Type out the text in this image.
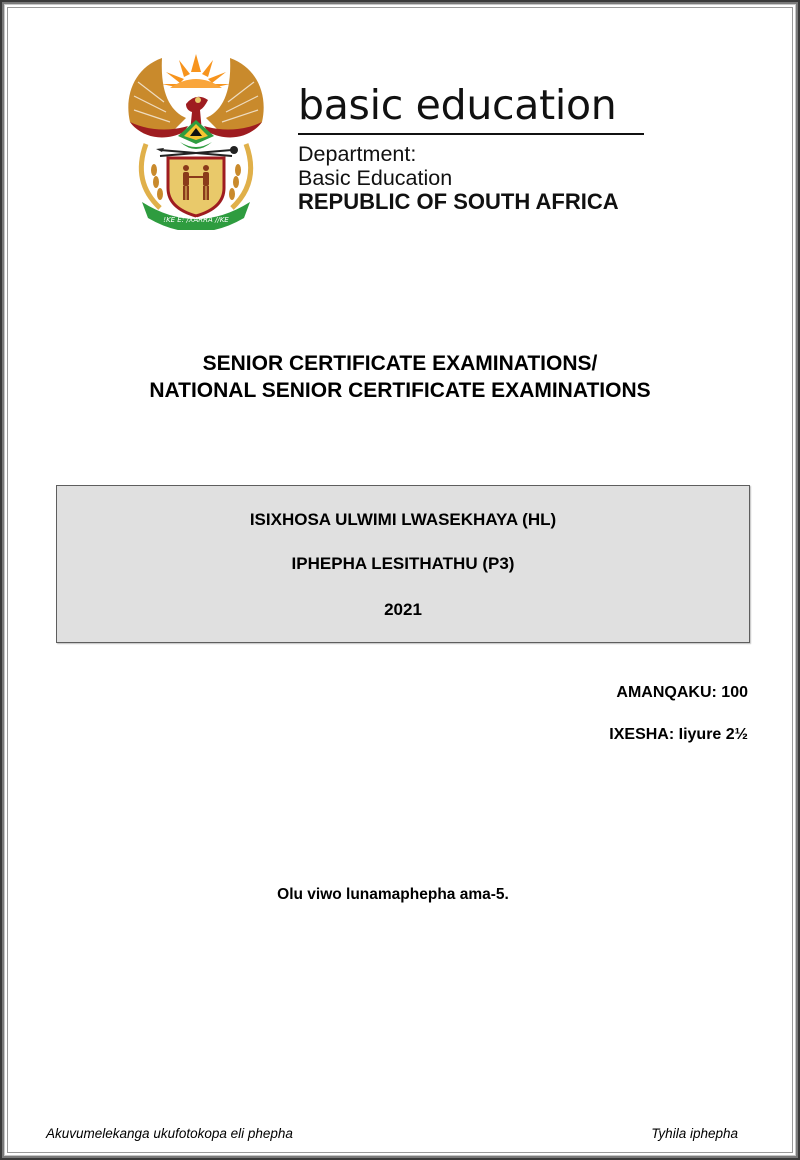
!KE E: /XARRA //KE
basic education
Department:
Basic Education
REPUBLIC OF SOUTH AFRICA
SENIOR CERTIFICATE EXAMINATIONS/
NATIONAL SENIOR CERTIFICATE EXAMINATIONS
ISIXHOSA ULWIMI LWASEKHAYA (HL)
IPHEPHA LESITHATHU (P3)
2021
AMANQAKU: 100
IXESHA: Iiyure 2½
Olu viwo lunamaphepha ama-5.
Akuvumelekanga ukufotokopa eli phepha	Tyhila iphepha
